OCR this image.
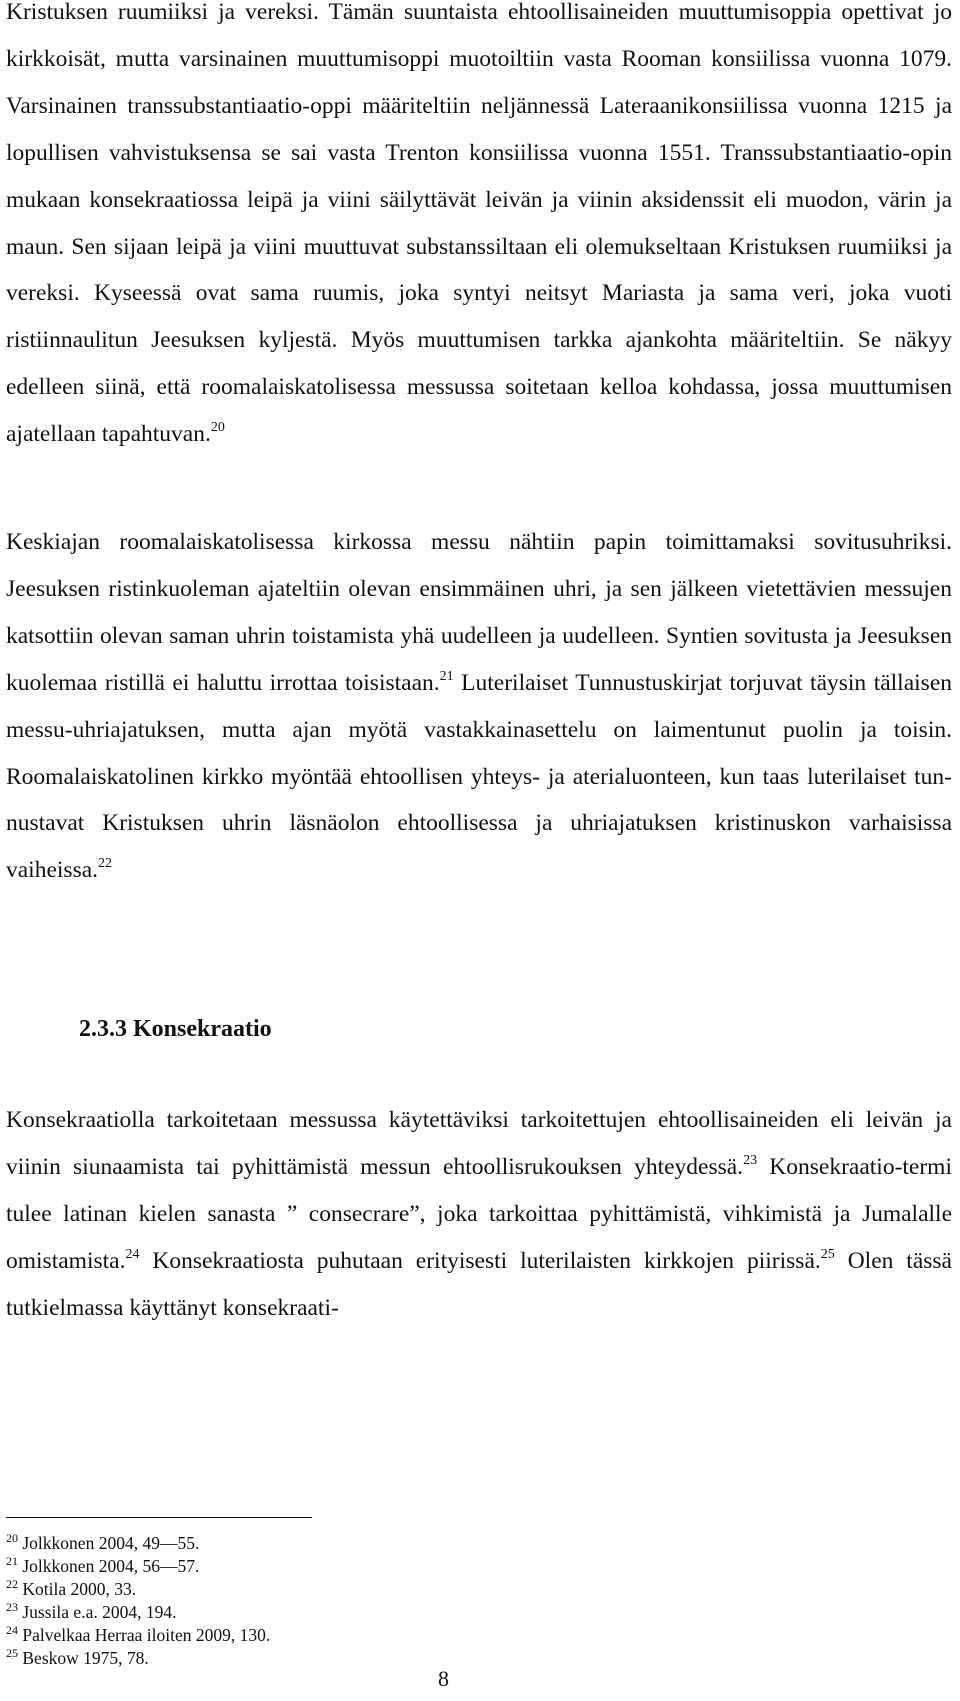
Kristuksen ruumiiksi ja vereksi. Tämän suuntaista ehtoollisaineiden muuttumisoppia opettivat jo kirkkoisät, mutta varsinainen muuttumisoppi muotoiltiin vasta Rooman konsiilissa vuonna 1079. Varsinainen transsubstantiaatio-oppi määriteltiin neljännessä Lateraanikonsiilissa vuonna 1215 ja lopullisen vahvistuksensa se sai vasta Trenton konsiilissa vuonna 1551. Transsubstantiaatio-opin mukaan konsekraatiossa leipä ja viini säilyttävät leivän ja viinin aksidenssit eli muodon, värin ja maun. Sen sijaan leipä ja viini muuttuvat substanssiltaan eli olemukseltaan Kristuksen ruumiiksi ja vereksi. Kyseessä ovat sama ruumis, joka syntyi neitsyt Mariasta ja sama veri, joka vuoti ristiinnaulitun Jeesuksen kyljestä. Myös muuttumisen tarkka ajankohta määriteltiin. Se näkyy edelleen siinä, että roomalaiskatolisessa messussa soitetaan kelloa kohdassa, jossa muuttumisen ajatellaan tapahtuvan.$^{20}$

Keskiajan roomalaiskatolisessa kirkossa messu nähtiin papin toimittamaksi sovitusuhriksi. Jeesuksen ristinkuoleman ajateltiin olevan ensimmäinen uhri, ja sen jälkeen vietettävien messujen katsottiin olevan saman uhrin toistamista yhä uudelleen ja uudelleen. Syntien sovitusta ja Jeesuksen kuolemaa ristillä ei haluttu irrottaa toisistaan.$^{21}$ Luterilaiset Tunnustuskirjat torjuvat täysin tällaisen messu-uhriajatuksen, mutta ajan myötä vastakkainasettelu on laimentunut puolin ja toisin. Roomalaiskatolinen kirkko myöntää ehtoollisen yhteys- ja aterialuonteen, kun taas luterilaiset tunnustavat Kristuksen uhrin läsnäolon ehtoollisessa ja uhriajatuksen kristinuskon varhaisissa vaiheissa.$^{22}$

2.3.3 Konsekraatio

Konsekraatiolla tarkoitetaan messussa käytettäviksi tarkoitettujen ehtoollisaineiden eli leivän ja viinin siunaamista tai pyhittämistä messun ehtoollisrukouksen yhteydessä.$^{23}$ Konsekraatio-termi tulee latinan kielen sanasta ” consecrare”, joka tarkoittaa pyhittämistä, vihkimistä ja Jumalalle omistamista.$^{24}$ Konsekraatiosta puhutaan erityisesti luterilaisten kirkkojen piirissä.$^{25}$ Olen tässä tutkielmassa käyttänyt konsekraati-

$^{20}$ Jolkkonen 2004, 49—55.
$^{21}$ Jolkkonen 2004, 56—57.
$^{22}$ Kotila 2000, 33.
$^{23}$ Jussila e.a. 2004, 194.
$^{24}$ Palvelkaa Herraa iloiten 2009, 130.
$^{25}$ Beskow 1975, 78.
8
